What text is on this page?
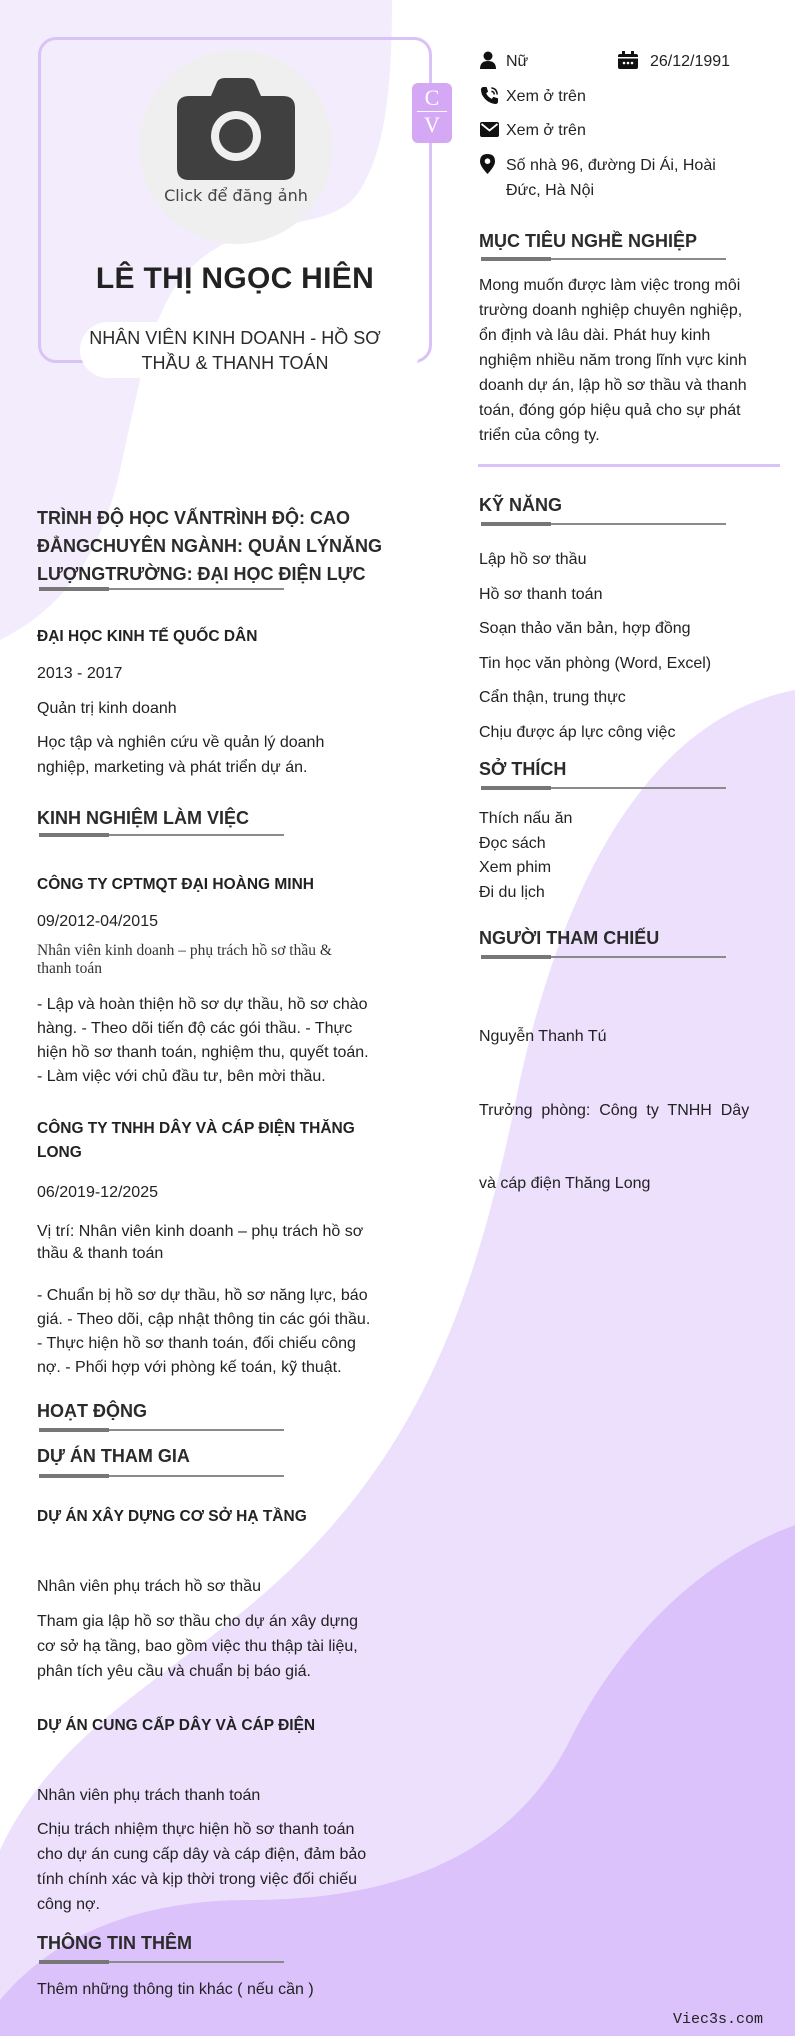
Click để đăng ảnh
LÊ THỊ NGỌC HIÊN
NHÂN VIÊN KINH DOANH - HỒ SƠ THẦU & THANH TOÁN
C
V
Nữ	26/12/1991
Xem ở trên
Xem ở trên
Số nhà 96, đường Di Ái, Hoài
Đức, Hà Nội
MỤC TIÊU NGHỀ NGHIỆP
Mong muốn được làm việc trong môi
trường doanh nghiệp chuyên nghiệp,
ổn định và lâu dài. Phát huy kinh
nghiệm nhiều năm trong lĩnh vực kinh
doanh dự án, lập hồ sơ thầu và thanh
toán, đóng góp hiệu quả cho sự phát
triển của công ty.
KỸ NĂNG
Lập hồ sơ thầu
Hồ sơ thanh toán
Soạn thảo văn bản, hợp đồng
Tin học văn phòng (Word, Excel)
Cẩn thận, trung thực
Chịu được áp lực công việc
SỞ THÍCH
Thích nấu ăn
Đọc sách
Xem phim
Đi du lịch
NGƯỜI THAM CHIẾU

Nguyễn Thanh Tú

Trưởng  phòng:  Công  ty  TNHH  Dây

và cáp điện Thăng Long

TRÌNH ĐỘ HỌC VẤNTRÌNH ĐỘ: CAO
ĐẲNGCHUYÊN NGÀNH: QUẢN LÝNĂNG
LƯỢNGTRƯỜNG: ĐẠI HỌC ĐIỆN LỰC
ĐẠI HỌC KINH TẾ QUỐC DÂN
2013 - 2017
Quản trị kinh doanh
Học tập và nghiên cứu về quản lý doanh
nghiệp, marketing và phát triển dự án.
KINH NGHIỆM LÀM VIỆC
CÔNG TY CPTMQT ĐẠI HOÀNG MINH
09/2012-04/2015
Nhân viên kinh doanh – phụ trách hồ sơ thầu &
thanh toán
- Lập và hoàn thiện hồ sơ dự thầu, hồ sơ chào
hàng. - Theo dõi tiến độ các gói thầu. - Thực
hiện hồ sơ thanh toán, nghiệm thu, quyết toán.
- Làm việc với chủ đầu tư, bên mời thầu.
CÔNG TY TNHH DÂY VÀ CÁP ĐIỆN THĂNG
LONG
06/2019-12/2025
Vị trí: Nhân viên kinh doanh – phụ trách hồ sơ
thầu & thanh toán
- Chuẩn bị hồ sơ dự thầu, hồ sơ năng lực, báo
giá. - Theo dõi, cập nhật thông tin các gói thầu.
- Thực hiện hồ sơ thanh toán, đối chiếu công
nợ. - Phối hợp với phòng kế toán, kỹ thuật.
HOẠT ĐỘNG
DỰ ÁN THAM GIA
DỰ ÁN XÂY DỰNG CƠ SỞ HẠ TẦNG
Nhân viên phụ trách hồ sơ thầu
Tham gia lập hồ sơ thầu cho dự án xây dựng
cơ sở hạ tầng, bao gồm việc thu thập tài liệu,
phân tích yêu cầu và chuẩn bị báo giá.
DỰ ÁN CUNG CẤP DÂY VÀ CÁP ĐIỆN
Nhân viên phụ trách thanh toán
Chịu trách nhiệm thực hiện hồ sơ thanh toán
cho dự án cung cấp dây và cáp điện, đảm bảo
tính chính xác và kịp thời trong việc đối chiếu
công nợ.
THÔNG TIN THÊM
Thêm những thông tin khác ( nếu cần )
Viec3s.com
